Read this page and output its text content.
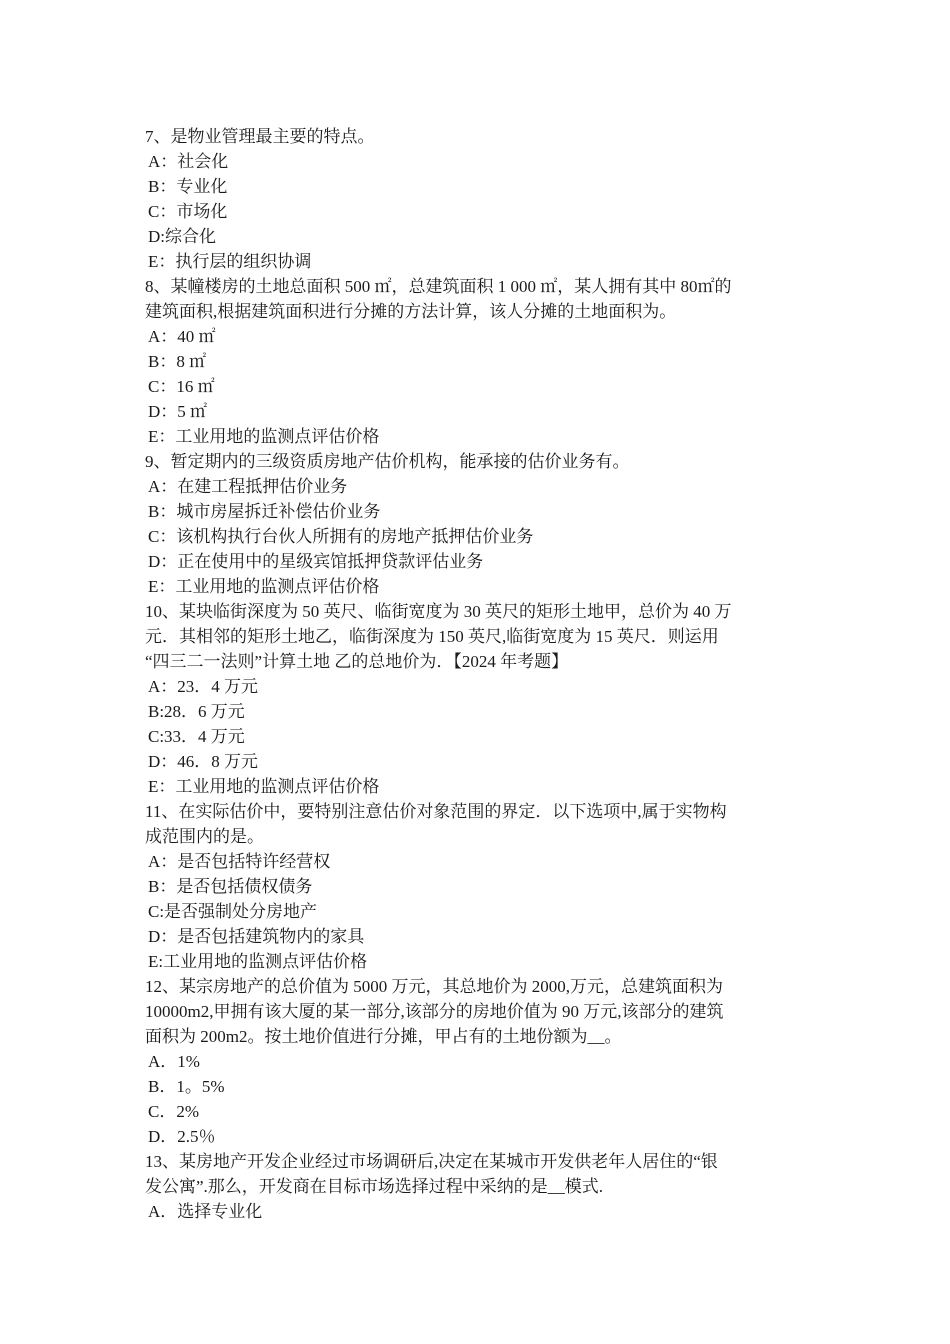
7、是物业管理最主要的特点。
A：社会化
B：专业化
C：市场化
D:综合化
E：执行层的组织协调
8、某幢楼房的土地总面积 500 ㎡，总建筑面积 1 000 ㎡，某人拥有其中 80㎡的
建筑面积,根据建筑面积进行分摊的方法计算，该人分摊的土地面积为。
A：40 ㎡
B：8 ㎡
C：16 ㎡
D：5 ㎡
E：工业用地的监测点评估价格
9、暂定期内的三级资质房地产估价机构，能承接的估价业务有。
A：在建工程抵押估价业务
B：城市房屋拆迁补偿估价业务
C：该机构执行台伙人所拥有的房地产抵押估价业务
D：正在使用中的星级宾馆抵押贷款评估业务
E：工业用地的监测点评估价格
10、某块临街深度为 50 英尺、临街宽度为 30 英尺的矩形土地甲，总价为 40 万
元．其相邻的矩形土地乙，临街深度为 150 英尺,临街宽度为 15 英尺．则运用
“四三二一法则”计算土地 乙的总地价为．【2024 年考题】
A：23．4 万元
B:28．6 万元
C:33．4 万元
D：46．8 万元
E：工业用地的监测点评估价格
11、在实际估价中，要特别注意估价对象范围的界定．以下选项中,属于实物构
成范围内的是。
A：是否包括特许经营权
B：是否包括债权债务
C:是否强制处分房地产
D：是否包括建筑物内的家具
E:工业用地的监测点评估价格
12、某宗房地产的总价值为 5000 万元，其总地价为 2000,万元，总建筑面积为
10000m2,甲拥有该大厦的某一部分,该部分的房地价值为 90 万元,该部分的建筑
面积为 200m2。按土地价值进行分摊，甲占有的土地份额为__。
A．1%
B．1。5%
C．2%
D．2.5％
13、某房地产开发企业经过市场调研后,决定在某城市开发供老年人居住的“银
发公寓”.那么，开发商在目标市场选择过程中采纳的是__模式.
A．选择专业化
